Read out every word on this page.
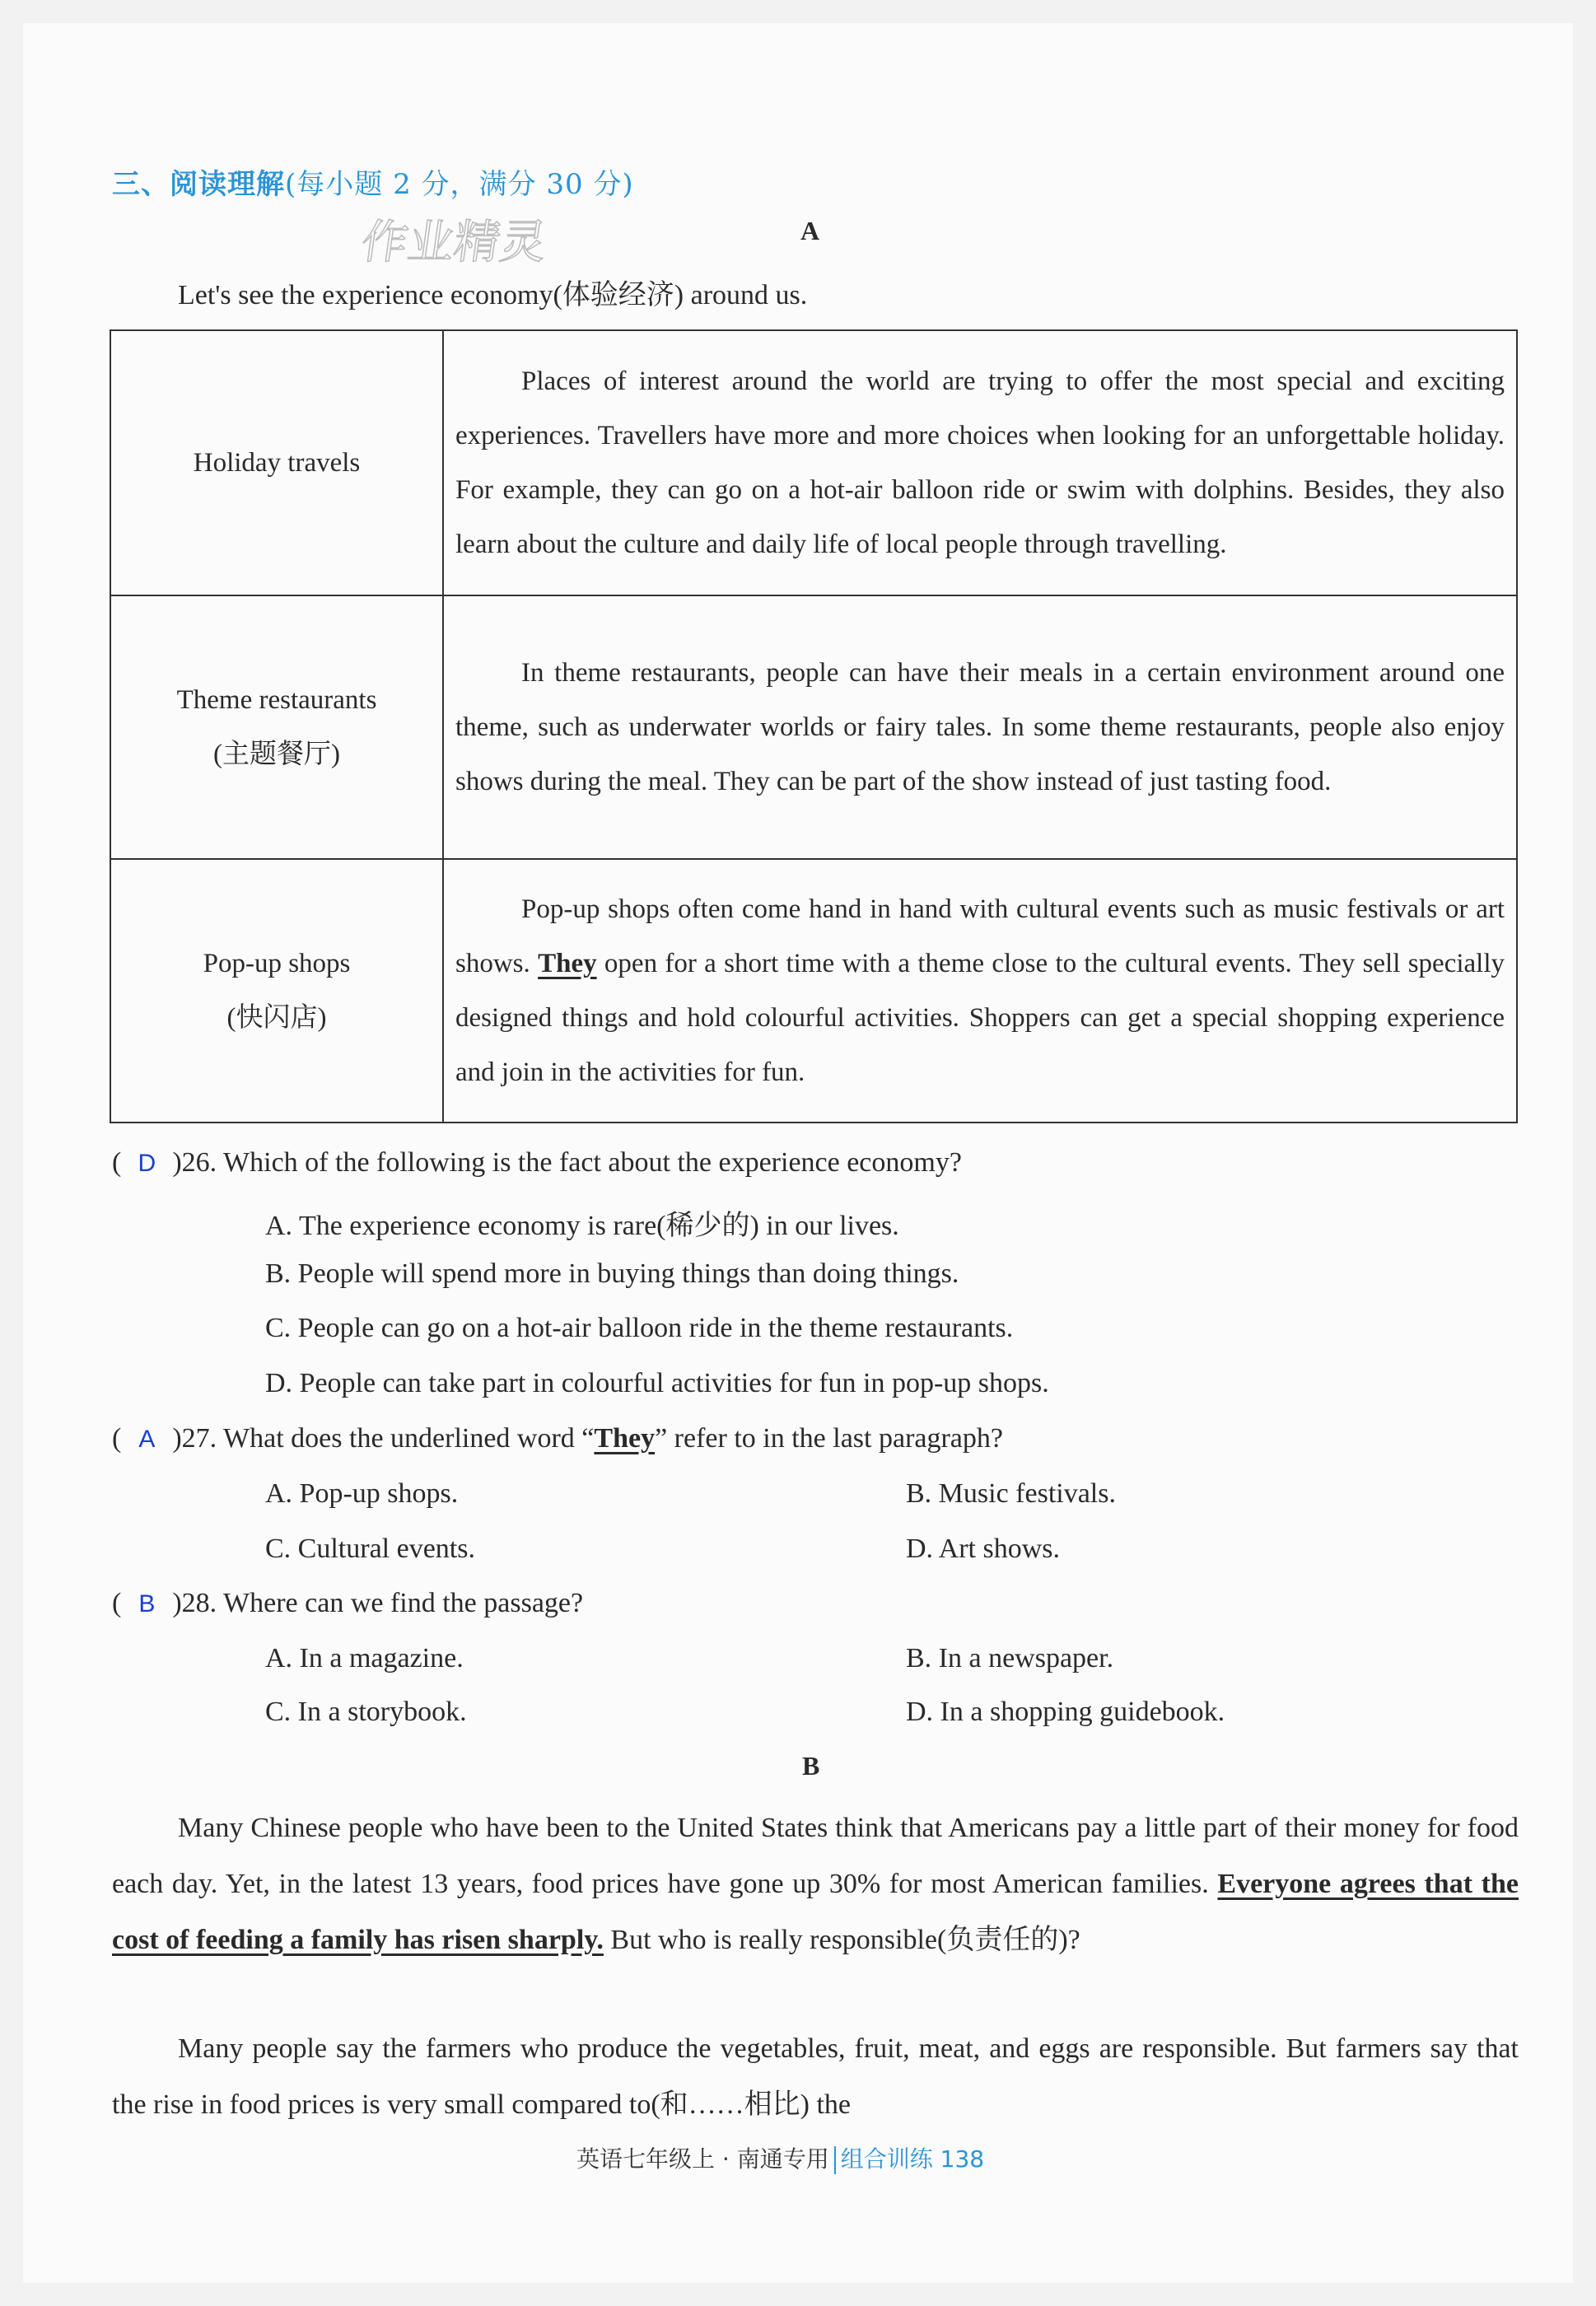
三、阅读理解(每小题 2 分，满分 30 分)
作业精灵	A
Let's see the experience economy(体验经济) around us.
Holiday travels	Places of interest around the world are trying to offer the most special and exciting experiences. Travellers have more and more choices when looking for an unforgettable holiday. For example, they can go on a hot-air balloon ride or swim with dolphins. Besides, they also learn about the culture and daily life of local people through travelling.

Theme restaurants
(主题餐厅)	In theme restaurants, people can have their meals in a certain environment around one theme, such as underwater worlds or fairy tales. In some theme restaurants, people also enjoy shows during the meal. They can be part of the show instead of just tasting food.

Pop-up shops
(快闪店)	Pop-up shops often come hand in hand with cultural events such as music festivals or art shows. They open for a short time with a theme close to the cultural events. They sell specially designed things and hold colourful activities. Shoppers can get a special shopping experience and join in the activities for fun.
( D )26. Which of the following is the fact about the experience economy?
A. The experience economy is rare(稀少的) in our lives.
B. People will spend more in buying things than doing things.
C. People can go on a hot-air balloon ride in the theme restaurants.
D. People can take part in colourful activities for fun in pop-up shops.
( A )27. What does the underlined word “They” refer to in the last paragraph?
A. Pop-up shops.	B. Music festivals.
C. Cultural events.	D. Art shows.
( B )28. Where can we find the passage?
A. In a magazine.	B. In a newspaper.
C. In a storybook.	D. In a shopping guidebook.
B
Many Chinese people who have been to the United States think that Americans pay a little part of their money for food each day. Yet, in the latest 13 years, food prices have gone up 30% for most American families. Everyone agrees that the cost of feeding a family has risen sharply. But who is really responsible(负责任的)?
Many people say the farmers who produce the vegetables, fruit, meat, and eggs are responsible. But farmers say that the rise in food prices is very small compared to(和……相比) the
英语七年级上 · 南通专用 组合训练 138
